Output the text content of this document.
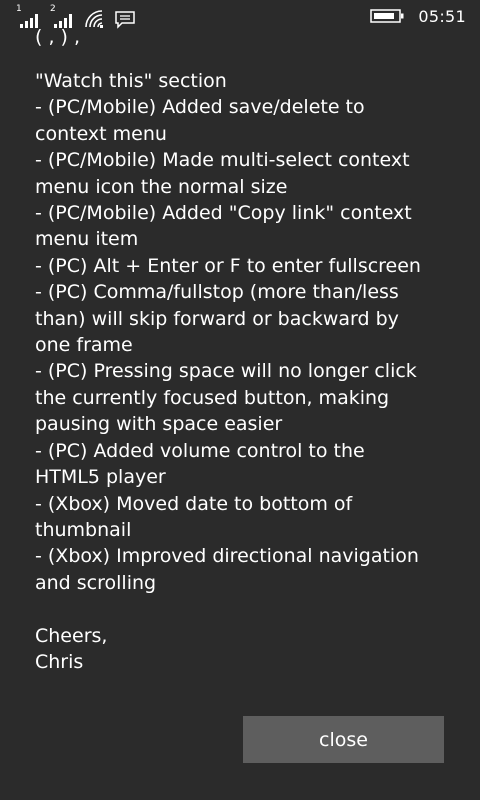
1	2	05:51
( , ) ,
"Watch this" section
- (PC/Mobile) Added save/delete to
context menu
- (PC/Mobile) Made multi-select context
menu icon the normal size
- (PC/Mobile) Added "Copy link" context
menu item
- (PC) Alt + Enter or F to enter fullscreen
- (PC) Comma/fullstop (more than/less
than) will skip forward or backward by
one frame
- (PC) Pressing space will no longer click
the currently focused button, making
pausing with space easier
- (PC) Added volume control to the
HTML5 player
- (Xbox) Moved date to bottom of
thumbnail
- (Xbox) Improved directional navigation
and scrolling
Cheers,
Chris
close
